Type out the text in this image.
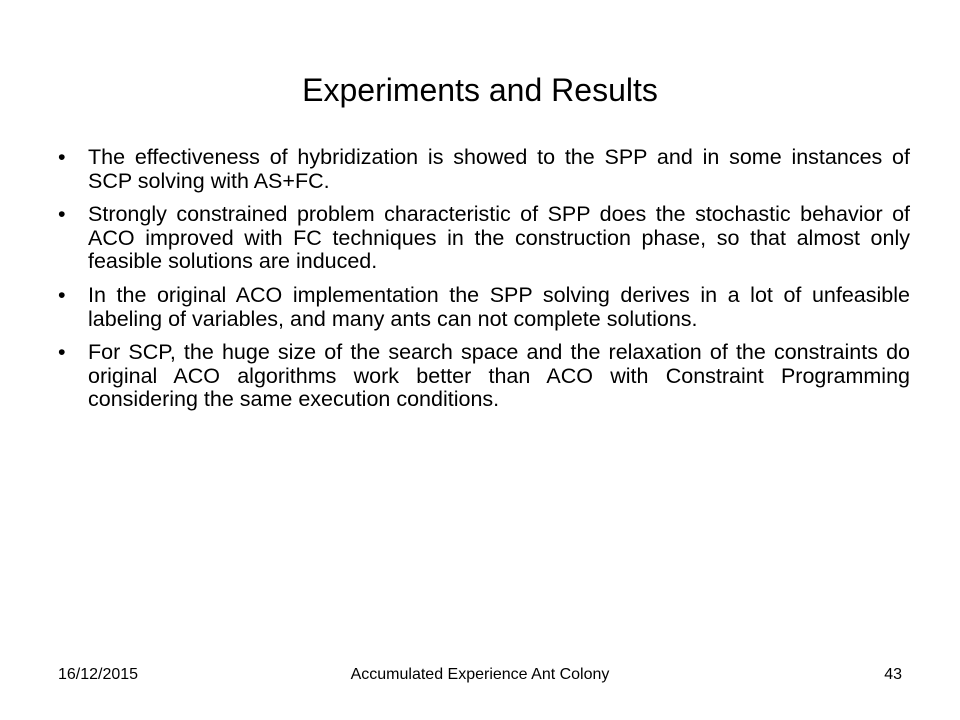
Experiments and Results
•	The effectiveness of hybridization is showed to the SPP and in some instances of SCP solving with AS+FC.
•	Strongly constrained problem characteristic of SPP does the stochastic behavior of ACO improved with FC techniques in the construction phase, so that almost only feasible solutions are induced.
•	In the original ACO implementation the SPP solving derives in a lot of unfeasible labeling of variables, and many ants can not complete solutions.
•	For SCP, the huge size of the search space and the relaxation of the constraints do original ACO algorithms work better than ACO with Constraint Programming considering the same execution conditions.
16/12/2015	Accumulated Experience Ant Colony	43
